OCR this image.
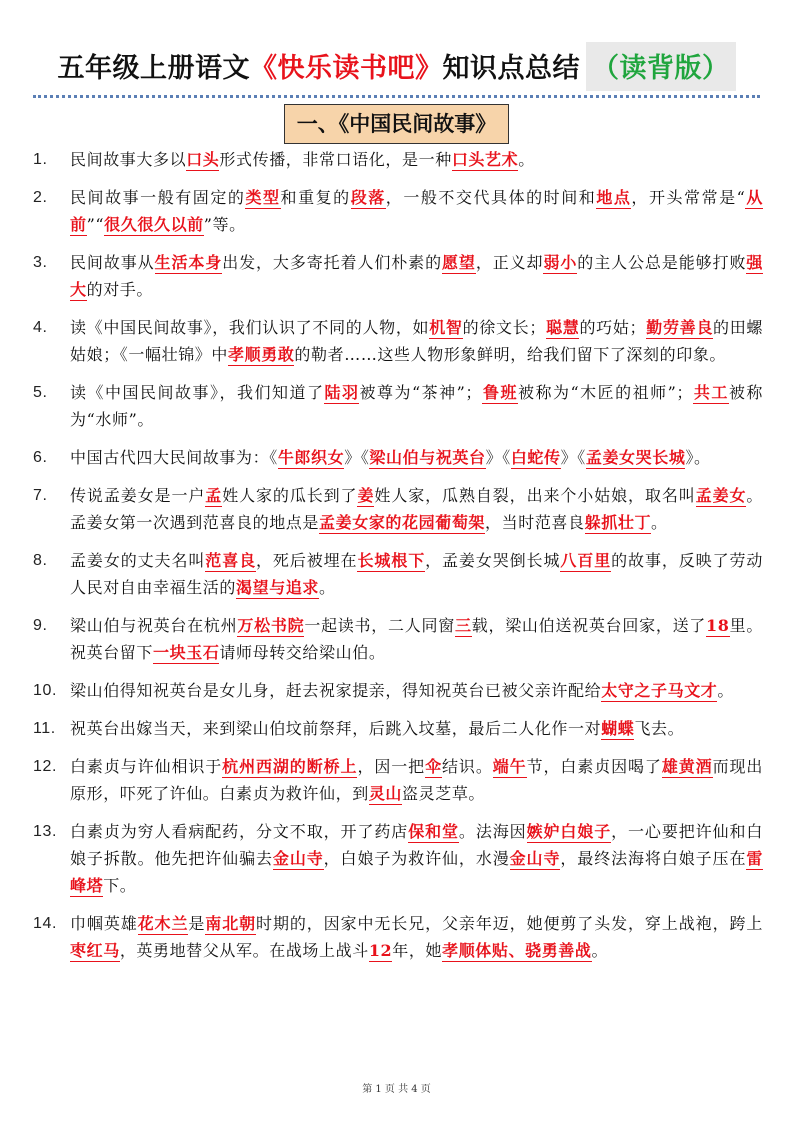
五年级上册语文《快乐读书吧》知识点总结 （读背版）
一、《中国民间故事》
1.	民间故事大多以口头形式传播，非常口语化，是一种口头艺术。
2.	民间故事一般有固定的类型和重复的段落，一般不交代具体的时间和地点，开头常常是“从前”“很久很久以前”等。
3.	民间故事从生活本身出发，大多寄托着人们朴素的愿望，正义却弱小的主人公总是能够打败强大的对手。
4.	读《中国民间故事》，我们认识了不同的人物，如机智的徐文长；聪慧的巧姑；勤劳善良的田螺姑娘；《一幅壮锦》中孝顺勇敢的勒者……这些人物形象鲜明，给我们留下了深刻的印象。
5.	读《中国民间故事》，我们知道了陆羽被尊为“茶神”；鲁班被称为“木匠的祖师”；共工被称为“水师”。
6.	中国古代四大民间故事为：《牛郎织女》《梁山伯与祝英台》《白蛇传》《孟姜女哭长城》。
7.	传说孟姜女是一户孟姓人家的瓜长到了姜姓人家，瓜熟自裂，出来个小姑娘，取名叫孟姜女。孟姜女第一次遇到范喜良的地点是孟姜女家的花园葡萄架，当时范喜良躲抓壮丁。
8.	孟姜女的丈夫名叫范喜良，死后被埋在长城根下，孟姜女哭倒长城八百里的故事，反映了劳动人民对自由幸福生活的渴望与追求。
9.	梁山伯与祝英台在杭州万松书院一起读书，二人同窗三载，梁山伯送祝英台回家，送了18里。祝英台留下一块玉石请师母转交给梁山伯。
10. 梁山伯得知祝英台是女儿身，赶去祝家提亲，得知祝英台已被父亲许配给太守之子马文才。
11. 祝英台出嫁当天，来到梁山伯坟前祭拜，后跳入坟墓，最后二人化作一对蝴蝶飞去。
12. 白素贞与许仙相识于杭州西湖的断桥上，因一把伞结识。端午节，白素贞因喝了雄黄酒而现出原形，吓死了许仙。白素贞为救许仙，到灵山盗灵芝草。
13. 白素贞为穷人看病配药，分文不取，开了药店保和堂。法海因嫉妒白娘子，一心要把许仙和白娘子拆散。他先把许仙骗去金山寺，白娘子为救许仙，水漫金山寺，最终法海将白娘子压在雷峰塔下。
14. 巾帼英雄花木兰是南北朝时期的，因家中无长兄，父亲年迈，她便剪了头发，穿上战袍，跨上枣红马，英勇地替父从军。在战场上战斗12年，她孝顺体贴、骁勇善战。
第 1 页 共 4 页
